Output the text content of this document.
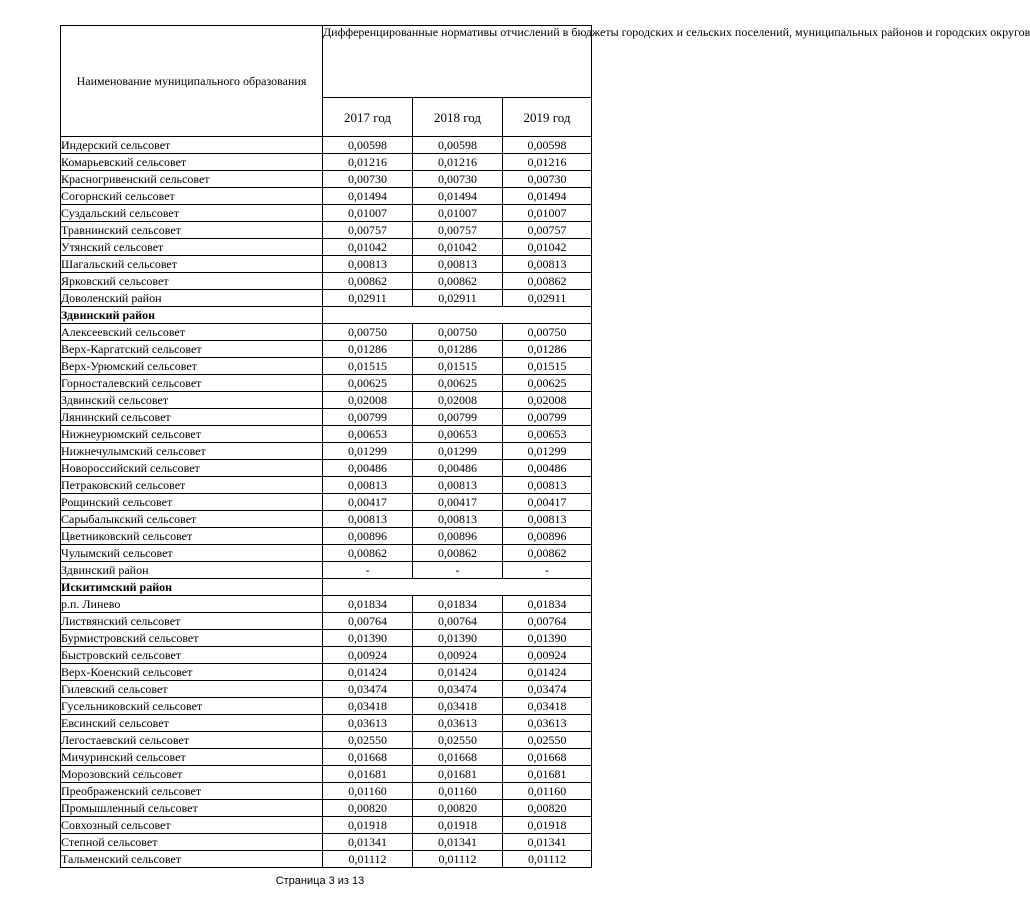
Наименование муниципального образования	Дифференцированные нормативы отчислений в бюджеты городских и сельских поселений, муниципальных районов и городских округов		
	2017 год	2018 год	2019 год
Индерский сельсовет	0,00598	0,00598	0,00598
Комарьевский сельсовет	0,01216	0,01216	0,01216
Красногривенский сельсовет	0,00730	0,00730	0,00730
Согорнский сельсовет	0,01494	0,01494	0,01494
Суздальский сельсовет	0,01007	0,01007	0,01007
Травнинский сельсовет	0,00757	0,00757	0,00757
Утянский сельсовет	0,01042	0,01042	0,01042
Шагальский сельсовет	0,00813	0,00813	0,00813
Ярковский сельсовет	0,00862	0,00862	0,00862
Доволенский район	0,02911	0,02911	0,02911
Здвинский район			
Алексеевский сельсовет	0,00750	0,00750	0,00750
Верх-Каргатский сельсовет	0,01286	0,01286	0,01286
Верх-Урюмский сельсовет	0,01515	0,01515	0,01515
Горносталевский сельсовет	0,00625	0,00625	0,00625
Здвинский сельсовет	0,02008	0,02008	0,02008
Лянинский сельсовет	0,00799	0,00799	0,00799
Нижнеурюмский сельсовет	0,00653	0,00653	0,00653
Нижнечулымский сельсовет	0,01299	0,01299	0,01299
Новороссийский сельсовет	0,00486	0,00486	0,00486
Петраковский сельсовет	0,00813	0,00813	0,00813
Рощинский сельсовет	0,00417	0,00417	0,00417
Сарыбалыкский сельсовет	0,00813	0,00813	0,00813
Цветниковский сельсовет	0,00896	0,00896	0,00896
Чулымский сельсовет	0,00862	0,00862	0,00862
Здвинский район	-	-	-
Искитимский район			
р.п. Линево	0,01834	0,01834	0,01834
Листвянский сельсовет	0,00764	0,00764	0,00764
Бурмистровский сельсовет	0,01390	0,01390	0,01390
Быстровский сельсовет	0,00924	0,00924	0,00924
Верх-Коенский сельсовет	0,01424	0,01424	0,01424
Гилевский сельсовет	0,03474	0,03474	0,03474
Гусельниковский сельсовет	0,03418	0,03418	0,03418
Евсинский сельсовет	0,03613	0,03613	0,03613
Легостаевский сельсовет	0,02550	0,02550	0,02550
Мичуринский сельсовет	0,01668	0,01668	0,01668
Морозовский сельсовет	0,01681	0,01681	0,01681
Преображенский сельсовет	0,01160	0,01160	0,01160
Промышленный сельсовет	0,00820	0,00820	0,00820
Совхозный сельсовет	0,01918	0,01918	0,01918
Степной сельсовет	0,01341	0,01341	0,01341
Тальменский сельсовет	0,01112	0,01112	0,01112
Страница 3 из 13
